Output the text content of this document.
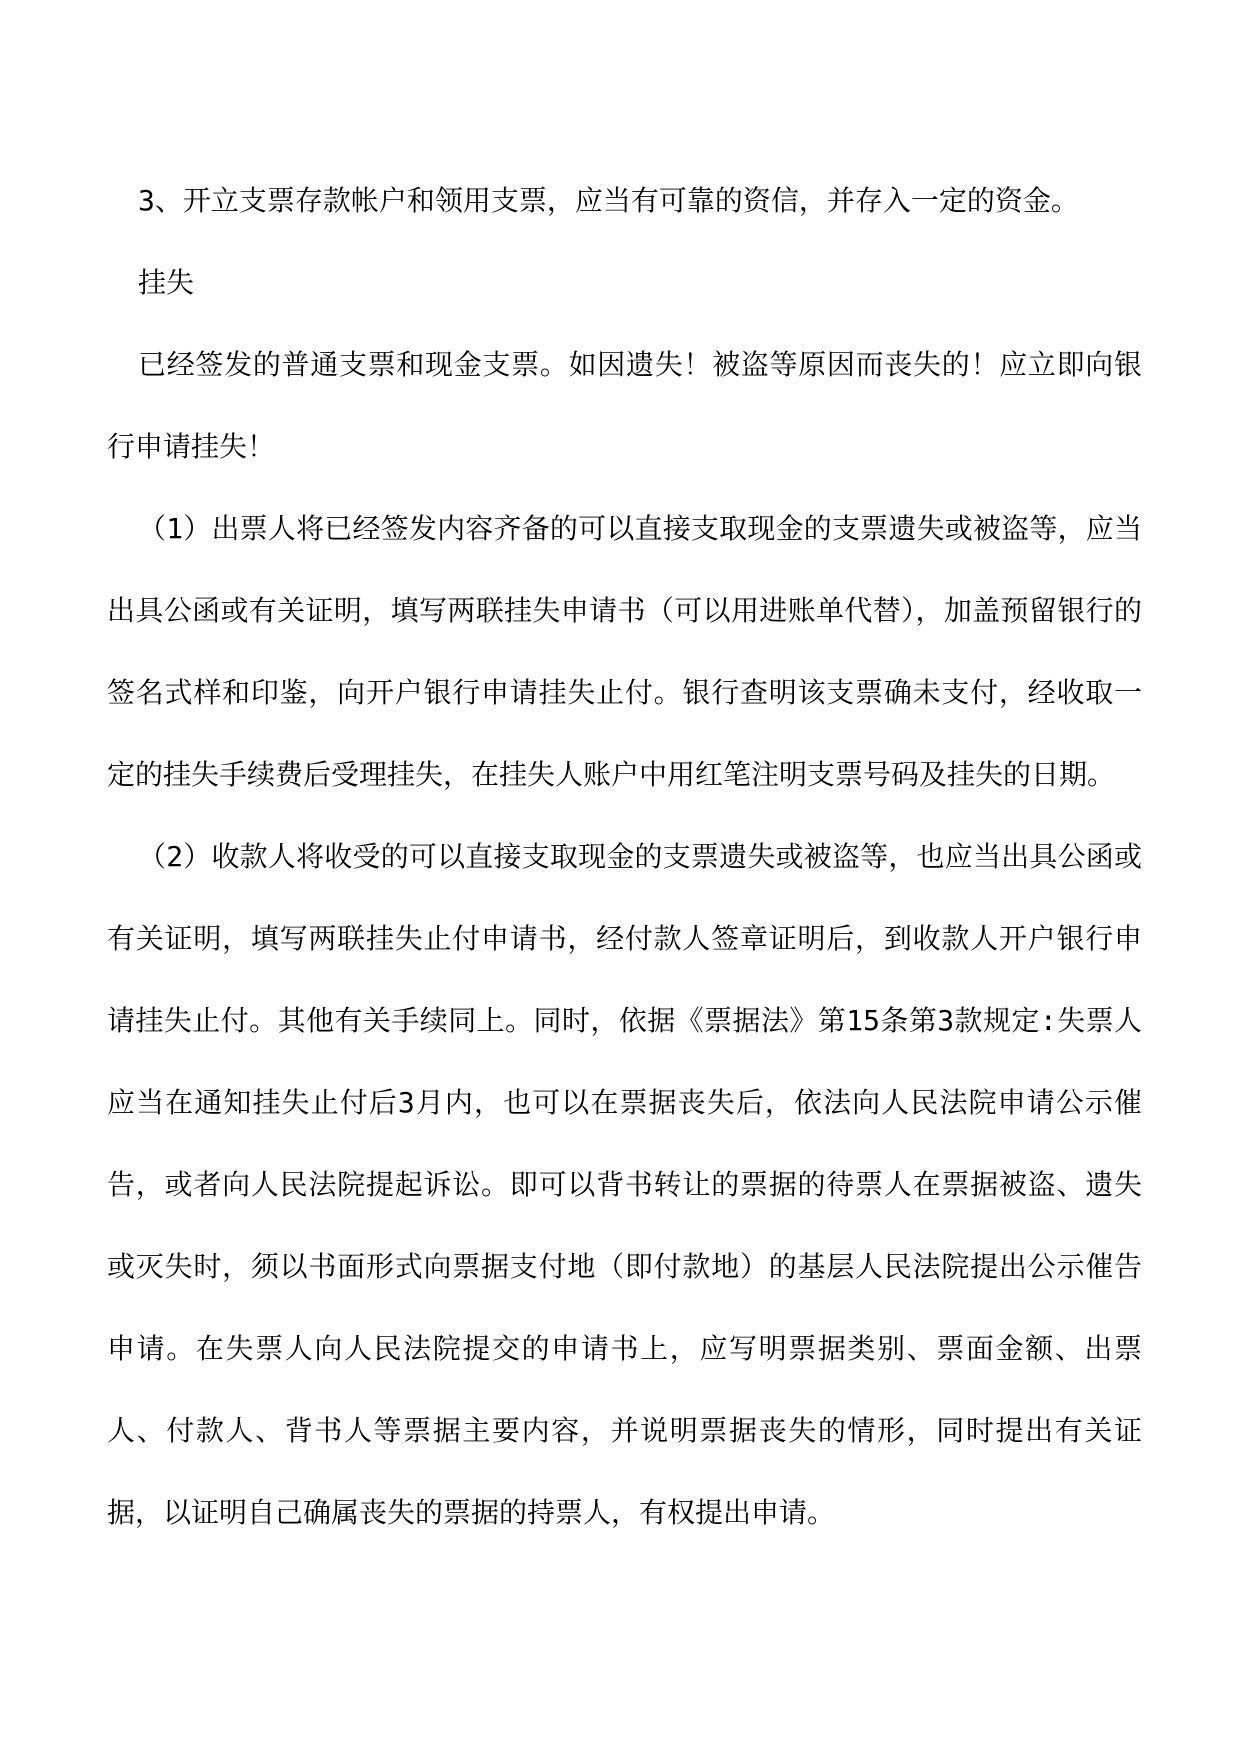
3、开立支票存款帐户和领用支票，应当有可靠的资信，并存入一定的资金。

挂失

已经签发的普通支票和现金支票。如因遗失！被盗等原因而丧失的！应立即向银行申请挂失！

（1）出票人将已经签发内容齐备的可以直接支取现金的支票遗失或被盗等，应当出具公函或有关证明，填写两联挂失申请书（可以用进账单代替），加盖预留银行的签名式样和印鉴，向开户银行申请挂失止付。银行查明该支票确未支付，经收取一定的挂失手续费后受理挂失，在挂失人账户中用红笔注明支票号码及挂失的日期。

（2）收款人将收受的可以直接支取现金的支票遗失或被盗等，也应当出具公函或有关证明，填写两联挂失止付申请书，经付款人签章证明后，到收款人开户银行申请挂失止付。其他有关手续同上。同时，依据《票据法》第15条第3款规定:失票人应当在通知挂失止付后3月内，也可以在票据丧失后，依法向人民法院申请公示催告，或者向人民法院提起诉讼。即可以背书转让的票据的待票人在票据被盗、遗失或灭失时，须以书面形式向票据支付地（即付款地）的基层人民法院提出公示催告申请。在失票人向人民法院提交的申请书上，应写明票据类别、票面金额、出票人、付款人、背书人等票据主要内容，并说明票据丧失的情形，同时提出有关证据，以证明自己确属丧失的票据的持票人，有权提出申请。
